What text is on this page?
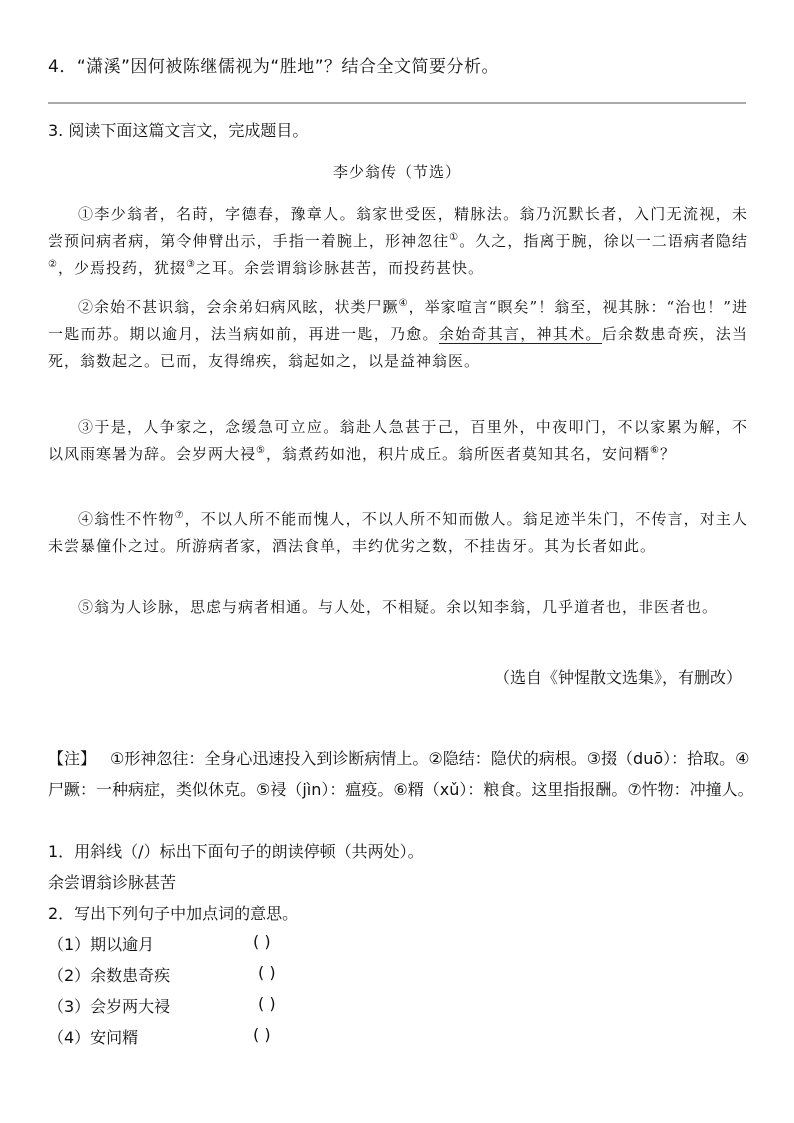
4．“潇溪”因何被陈继儒视为“胜地”？结合全文简要分析。
3. 阅读下面这篇文言文，完成题目。
李少翁传（节选）

①李少翁者，名莳，字德春，豫章人。翁家世受医，精脉法。翁乃沉默长者，入门无流视，未尝预问病者病，第令伸臂出示，手指一着腕上，形神忽往①。久之，指离于腕，徐以一二语病者隐结②，少焉投药，犹掇③之耳。余尝谓翁诊脉甚苦，而投药甚快。

②余始不甚识翁，会余弟妇病风眩，状类尸蹶④，举家喧言“瞑矣”！翁至，视其脉：“治也！”进一匙而苏。期以逾月，法当病如前，再进一匙，乃愈。余始奇其言，神其术。后余数患奇疾，法当死，翁数起之。已而，友得绵疾，翁起如之，以是益神翁医。

③于是，人争家之，念缓急可立应。翁赴人急甚于己，百里外，中夜叩门，不以家累为解，不以风雨寒暑为辞。会岁两大祲⑤，翁煮药如池，积片成丘。翁所医者莫知其名，安问糈⑥？

④翁性不忤物⑦，不以人所不能而愧人，不以人所不知而傲人。翁足迹半朱门，不传言，对主人未尝暴僮仆之过。所游病者家，酒法食单，丰约优劣之数，不挂齿牙。其为长者如此。

⑤翁为人诊脉，思虑与病者相通。与人处，不相疑。余以知李翁，几乎道者也，非医者也。

（选自《钟惺散文选集》，有删改）
【注】 ①形神忽往：全身心迅速投入到诊断病情上。②隐结：隐伏的病根。③掇（duō）：拾取。④尸蹶：一种病症，类似休克。⑤祲（jìn）：瘟疫。⑥糈（xǔ）：粮食。这里指报酬。⑦忤物：冲撞人。
1．用斜线（/）标出下面句子的朗读停顿（共两处）。
余尝谓翁诊脉甚苦
2．写出下列句子中加点词的意思。
（1）期以逾月	( )
（2）余数患奇疾	( )
（3）会岁两大祲	( )
（4）安问糈	( )
